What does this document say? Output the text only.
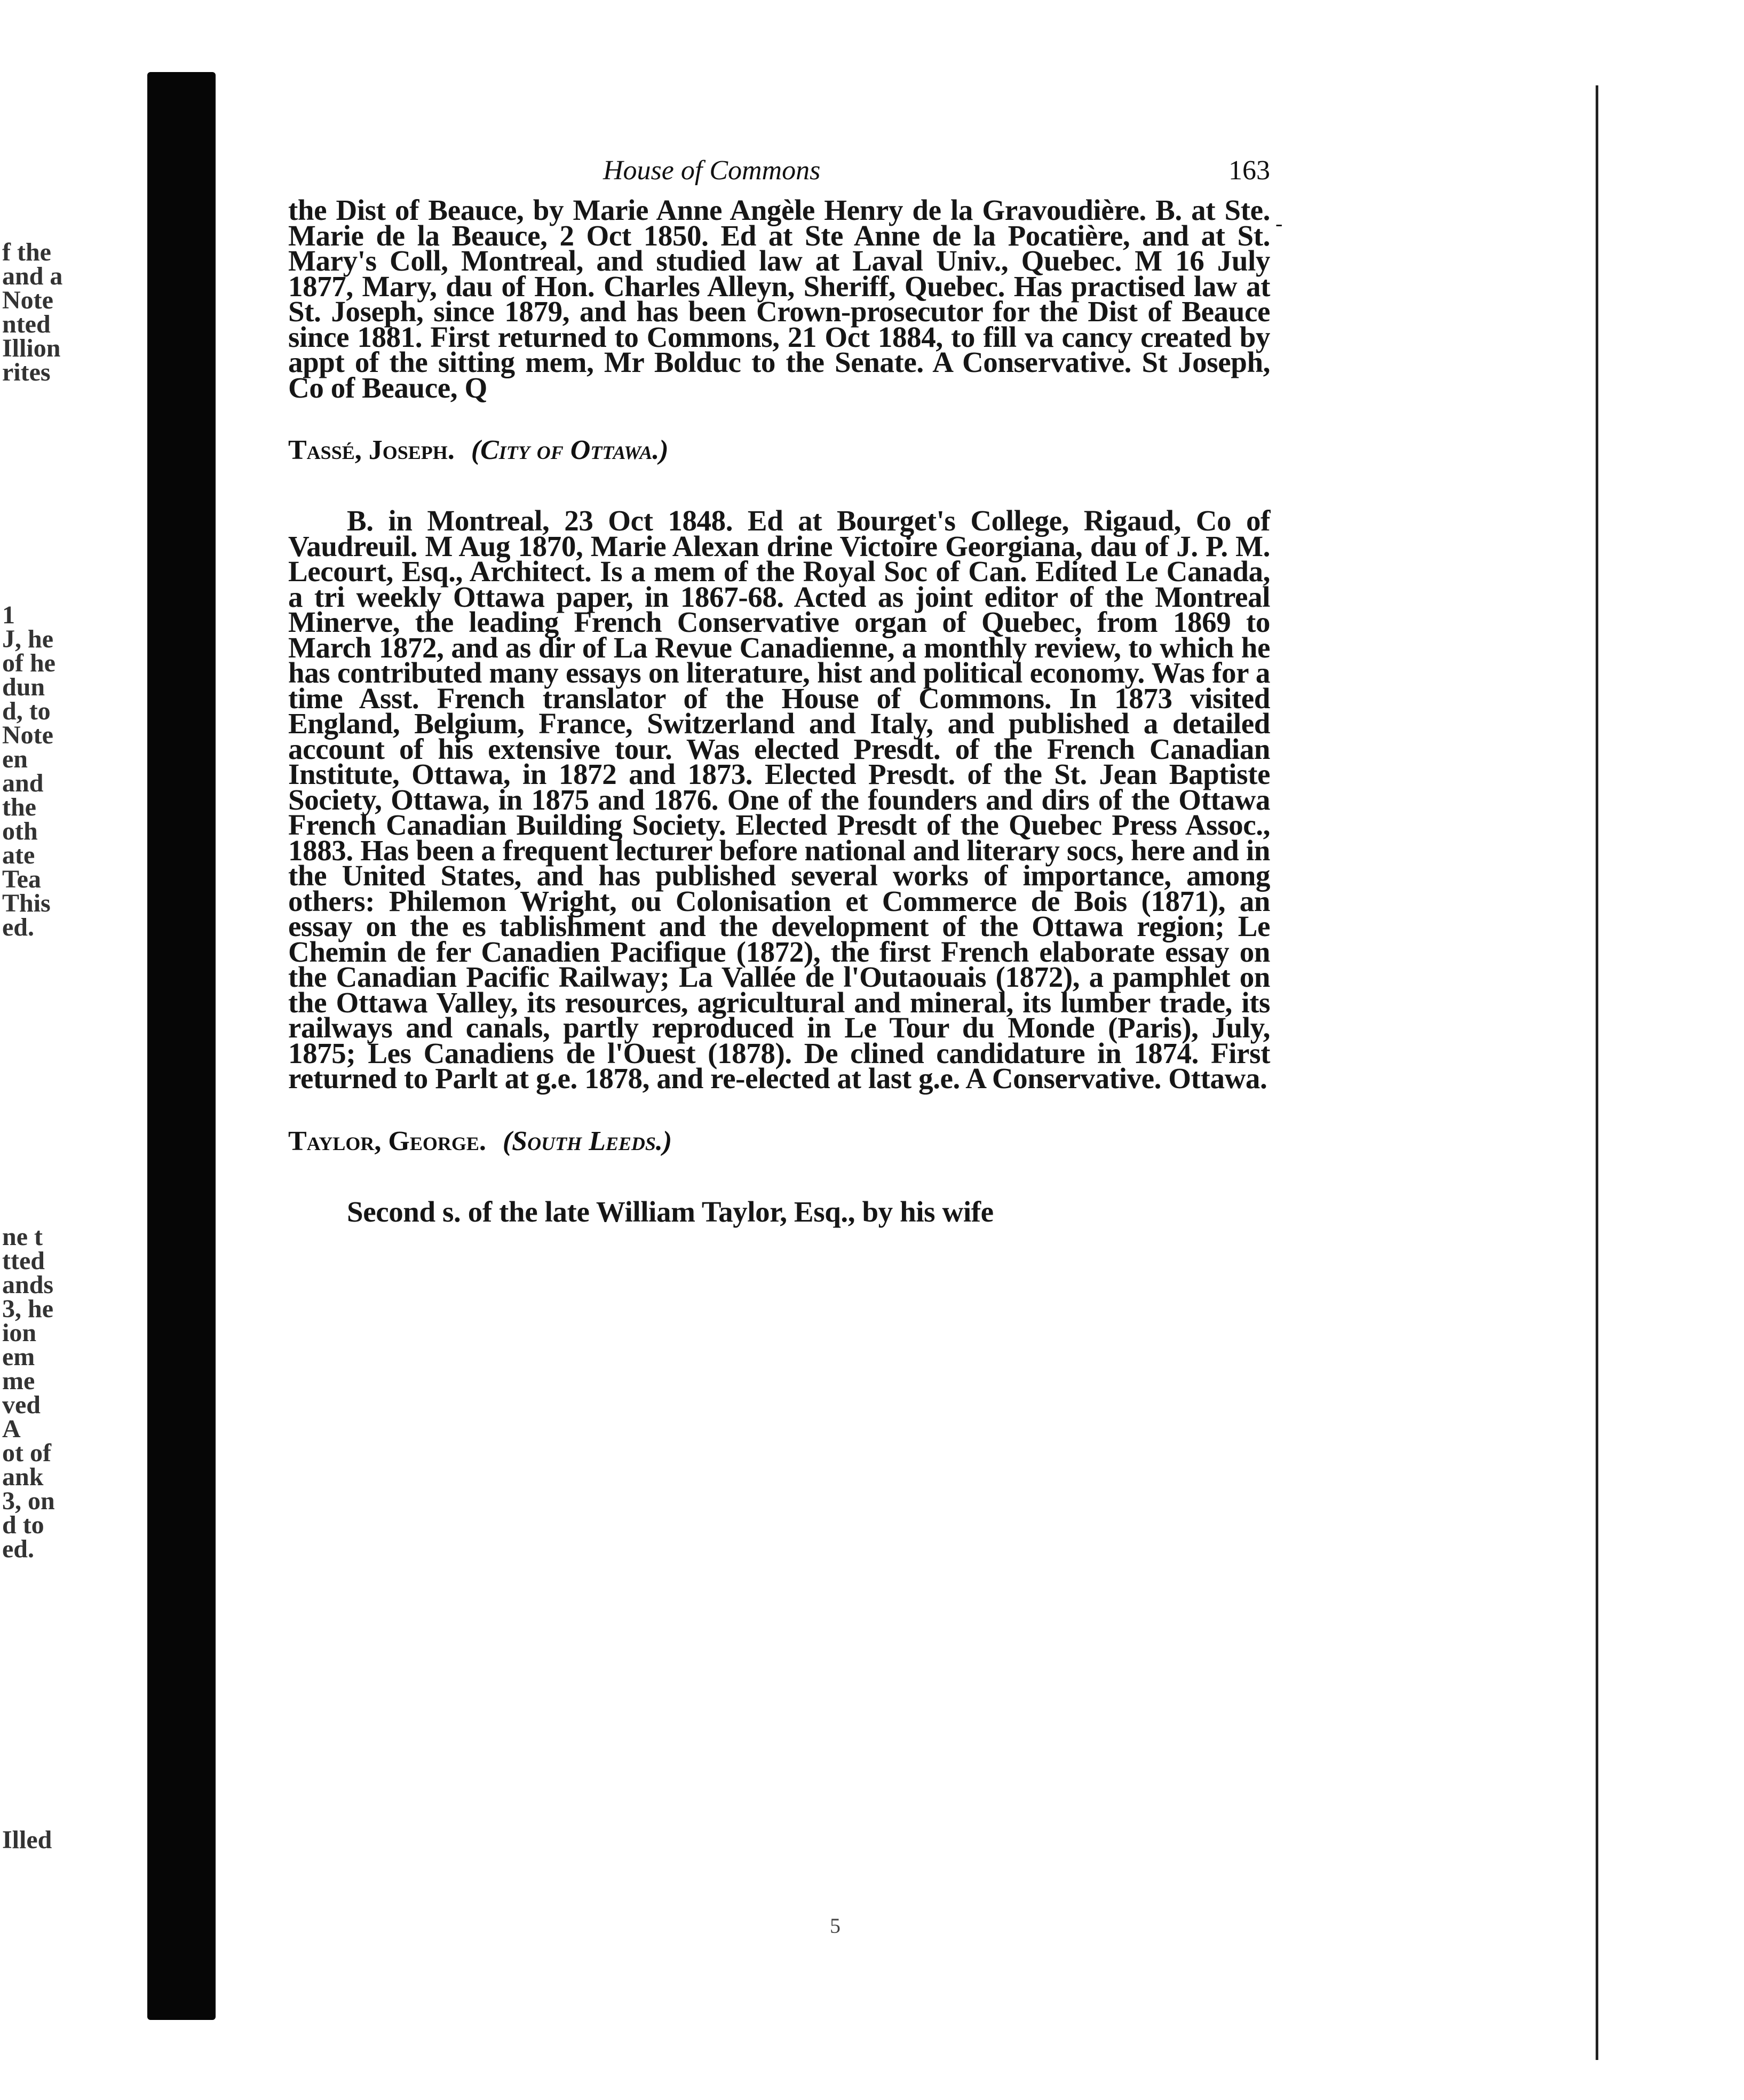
f the
and a
Note
nted
Illion
rites
1
J, he
of he
dun
d, to
Note
en
and
the
oth
ate
Tea
This
ed.
ne t
tted
ands
3, he
ion
em
me
ved
A
ot of
ank
3, on
d to
ed.
Illed
House of Commons	163

the Dist of Beauce, by Marie Anne Angèle Henry de la Gravoudière. B. at Ste. Marie de la Beauce, 2 Oct 1850. Ed at Ste Anne de la Pocatière, and at St. Mary's Coll, Montreal, and studied law at Laval Univ., Quebec. M 16 July 1877, Mary, dau of Hon. Charles Alleyn, Sheriff, Quebec. Has practised law at St. Joseph, since 1879, and has been Crown-prosecutor for the Dist of Beauce since 1881. First returned to Commons, 21 Oct 1884, to fill va cancy created by appt of the sitting mem, Mr Bolduc to the Senate. A Conservative. St Joseph, Co of Beauce, Q

Tassé, Joseph. (City of Ottawa.)

B. in Montreal, 23 Oct 1848. Ed at Bourget's College, Rigaud, Co of Vaudreuil. M Aug 1870, Marie Alexan drine Victoire Georgiana, dau of J. P. M. Lecourt, Esq., Architect. Is a mem of the Royal Soc of Can. Edited Le Canada, a tri weekly Ottawa paper, in 1867-68. Acted as joint editor of the Montreal Minerve, the leading French Conservative organ of Quebec, from 1869 to March 1872, and as dir of La Revue Canadienne, a monthly review, to which he has contributed many essays on literature, hist and political economy. Was for a time Asst. French translator of the House of Commons. In 1873 visited England, Belgium, France, Switzerland and Italy, and published a detailed account of his extensive tour. Was elected Presdt. of the French Canadian Institute, Ottawa, in 1872 and 1873. Elected Presdt. of the St. Jean Baptiste Society, Ottawa, in 1875 and 1876. One of the founders and dirs of the Ottawa French Canadian Building Society. Elected Presdt of the Quebec Press Assoc., 1883. Has been a frequent lecturer before national and literary socs, here and in the United States, and has published several works of importance, among others: Philemon Wright, ou Colonisation et Commerce de Bois (1871), an essay on the es tablishment and the development of the Ottawa region; Le Chemin de fer Canadien Pacifique (1872), the first French elaborate essay on the Canadian Pacific Railway; La Vallée de l'Outaouais (1872), a pamphlet on the Ottawa Valley, its resources, agricultural and mineral, its lumber trade, its railways and canals, partly reproduced in Le Tour du Monde (Paris), July, 1875; Les Canadiens de l'Ouest (1878). De clined candidature in 1874. First returned to Parlt at g.e. 1878, and re-elected at last g.e. A Conservative. Ottawa.

Taylor, George. (South Leeds.)

Second s. of the late William Taylor, Esq., by his wife

-
5
